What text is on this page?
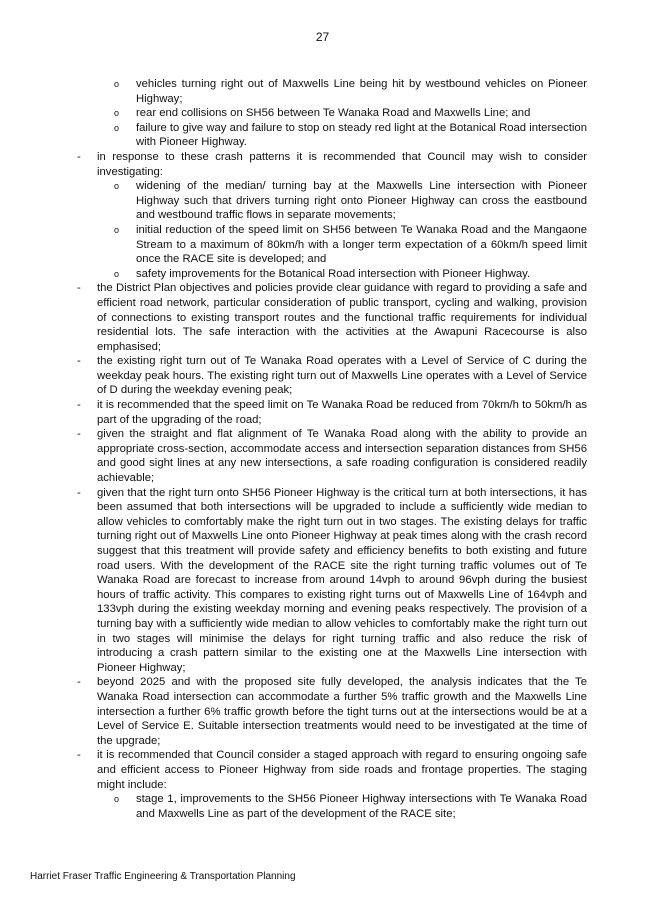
27
o vehicles turning right out of Maxwells Line being hit by westbound vehicles on Pioneer Highway;
o rear end collisions on SH56 between Te Wanaka Road and Maxwells Line; and
o failure to give way and failure to stop on steady red light at the Botanical Road intersection with Pioneer Highway.
- in response to these crash patterns it is recommended that Council may wish to consider investigating:
o widening of the median/ turning bay at the Maxwells Line intersection with Pioneer Highway such that drivers turning right onto Pioneer Highway can cross the eastbound and westbound traffic flows in separate movements;
o initial reduction of the speed limit on SH56 between Te Wanaka Road and the Mangaone Stream to a maximum of 80km/h with a longer term expectation of a 60km/h speed limit once the RACE site is developed; and
o safety improvements for the Botanical Road intersection with Pioneer Highway.
- the District Plan objectives and policies provide clear guidance with regard to providing a safe and efficient road network, particular consideration of public transport, cycling and walking, provision of connections to existing transport routes and the functional traffic requirements for individual residential lots. The safe interaction with the activities at the Awapuni Racecourse is also emphasised;
- the existing right turn out of Te Wanaka Road operates with a Level of Service of C during the weekday peak hours. The existing right turn out of Maxwells Line operates with a Level of Service of D during the weekday evening peak;
- it is recommended that the speed limit on Te Wanaka Road be reduced from 70km/h to 50km/h as part of the upgrading of the road;
- given the straight and flat alignment of Te Wanaka Road along with the ability to provide an appropriate cross-section, accommodate access and intersection separation distances from SH56 and good sight lines at any new intersections, a safe roading configuration is considered readily achievable;
- given that the right turn onto SH56 Pioneer Highway is the critical turn at both intersections, it has been assumed that both intersections will be upgraded to include a sufficiently wide median to allow vehicles to comfortably make the right turn out in two stages. The existing delays for traffic turning right out of Maxwells Line onto Pioneer Highway at peak times along with the crash record suggest that this treatment will provide safety and efficiency benefits to both existing and future road users. With the development of the RACE site the right turning traffic volumes out of Te Wanaka Road are forecast to increase from around 14vph to around 96vph during the busiest hours of traffic activity. This compares to existing right turns out of Maxwells Line of 164vph and 133vph during the existing weekday morning and evening peaks respectively. The provision of a turning bay with a sufficiently wide median to allow vehicles to comfortably make the right turn out in two stages will minimise the delays for right turning traffic and also reduce the risk of introducing a crash pattern similar to the existing one at the Maxwells Line intersection with Pioneer Highway;
- beyond 2025 and with the proposed site fully developed, the analysis indicates that the Te Wanaka Road intersection can accommodate a further 5% traffic growth and the Maxwells Line intersection a further 6% traffic growth before the tight turns out at the intersections would be at a Level of Service E. Suitable intersection treatments would need to be investigated at the time of the upgrade;
- it is recommended that Council consider a staged approach with regard to ensuring ongoing safe and efficient access to Pioneer Highway from side roads and frontage properties. The staging might include:
o stage 1, improvements to the SH56 Pioneer Highway intersections with Te Wanaka Road and Maxwells Line as part of the development of the RACE site;
Harriet Fraser Traffic Engineering & Transportation Planning
